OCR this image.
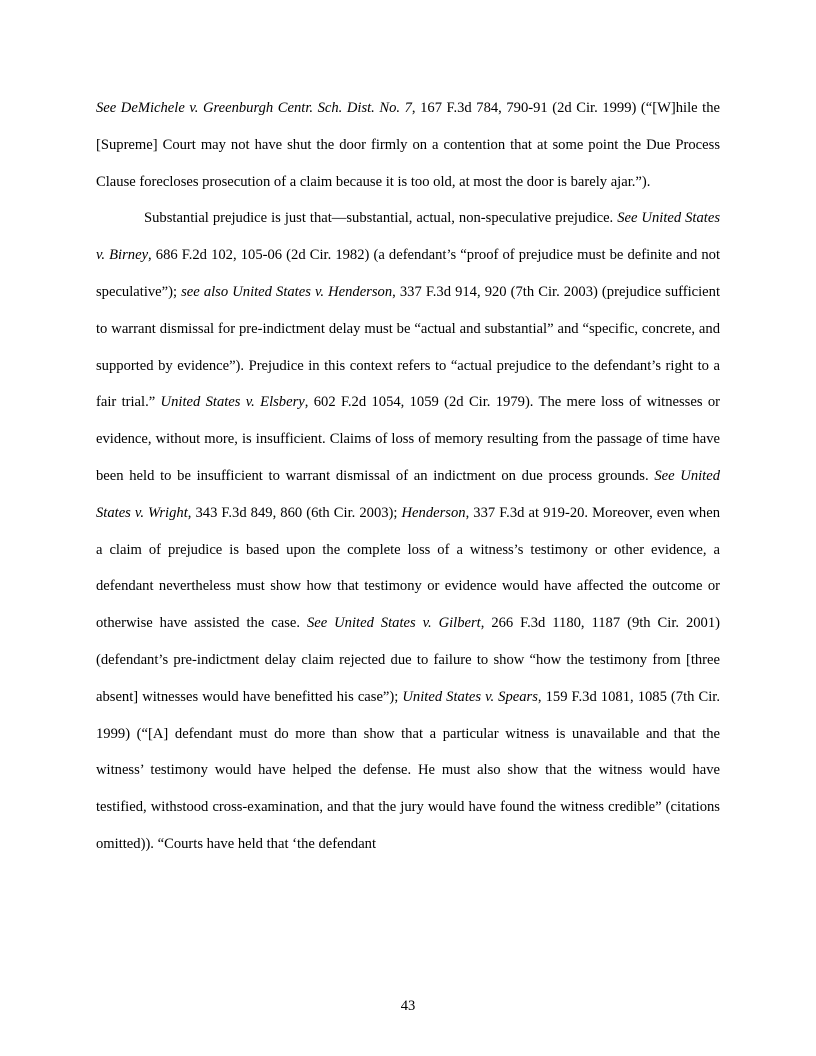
See DeMichele v. Greenburgh Centr. Sch. Dist. No. 7, 167 F.3d 784, 790-91 (2d Cir. 1999) (“[W]hile the [Supreme] Court may not have shut the door firmly on a contention that at some point the Due Process Clause forecloses prosecution of a claim because it is too old, at most the door is barely ajar.”).

Substantial prejudice is just that—substantial, actual, non-speculative prejudice. See United States v. Birney, 686 F.2d 102, 105-06 (2d Cir. 1982) (a defendant’s “proof of prejudice must be definite and not speculative”); see also United States v. Henderson, 337 F.3d 914, 920 (7th Cir. 2003) (prejudice sufficient to warrant dismissal for pre-indictment delay must be “actual and substantial” and “specific, concrete, and supported by evidence”). Prejudice in this context refers to “actual prejudice to the defendant’s right to a fair trial.” United States v. Elsbery, 602 F.2d 1054, 1059 (2d Cir. 1979). The mere loss of witnesses or evidence, without more, is insufficient. Claims of loss of memory resulting from the passage of time have been held to be insufficient to warrant dismissal of an indictment on due process grounds. See United States v. Wright, 343 F.3d 849, 860 (6th Cir. 2003); Henderson, 337 F.3d at 919-20. Moreover, even when a claim of prejudice is based upon the complete loss of a witness’s testimony or other evidence, a defendant nevertheless must show how that testimony or evidence would have affected the outcome or otherwise have assisted the case. See United States v. Gilbert, 266 F.3d 1180, 1187 (9th Cir. 2001) (defendant’s pre-indictment delay claim rejected due to failure to show “how the testimony from [three absent] witnesses would have benefitted his case”); United States v. Spears, 159 F.3d 1081, 1085 (7th Cir. 1999) (“[A] defendant must do more than show that a particular witness is unavailable and that the witness’ testimony would have helped the defense. He must also show that the witness would have testified, withstood cross-examination, and that the jury would have found the witness credible” (citations omitted)). “Courts have held that ‘the defendant

43
